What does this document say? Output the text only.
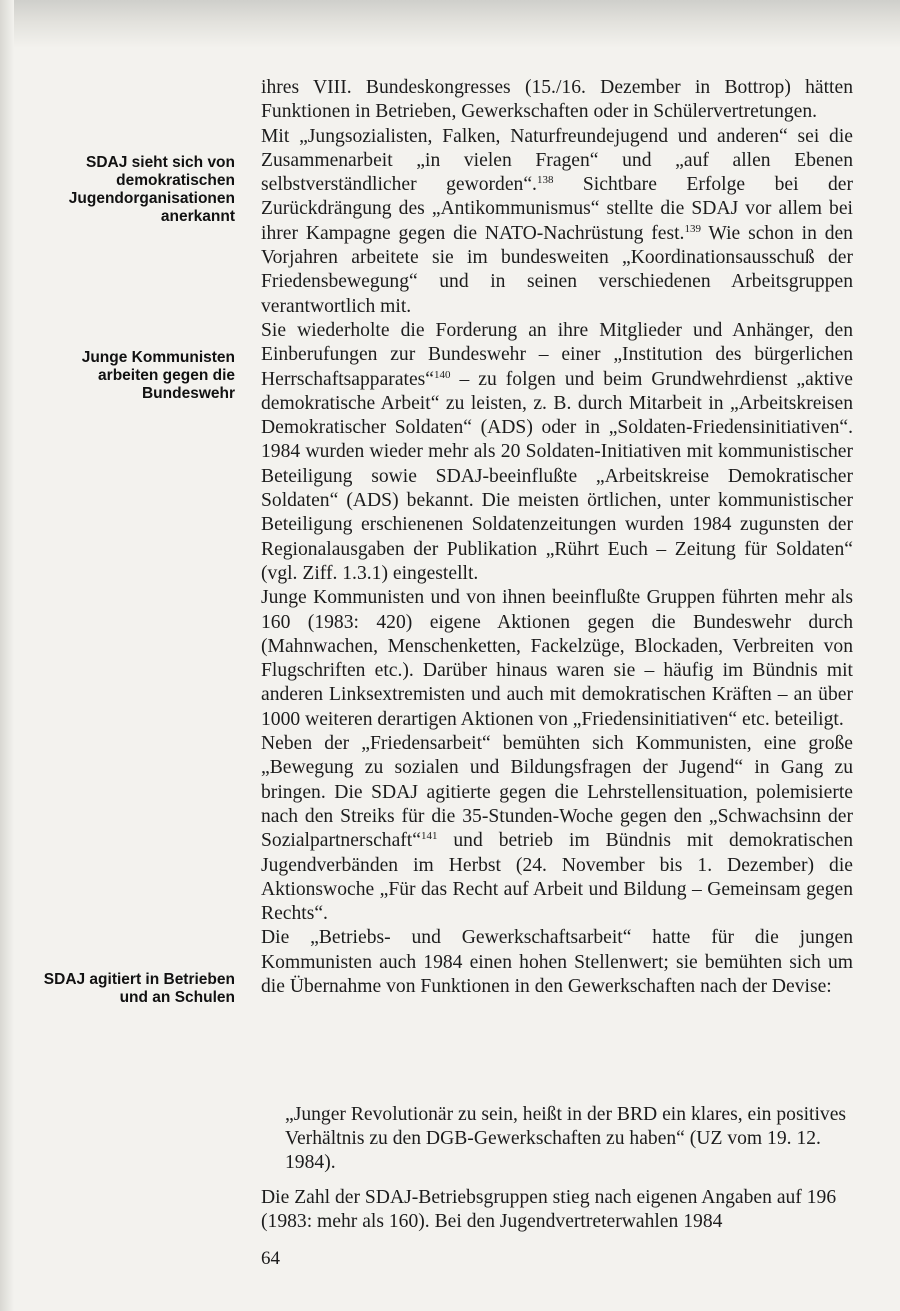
SDAJ sieht sich von demokratischen Jugendorganisationen anerkannt
Junge Kommunisten arbeiten gegen die Bundeswehr
SDAJ agitiert in Betrieben und an Schulen

ihres VIII. Bundeskongresses (15./16. Dezember in Bottrop) hätten Funktionen in Betrieben, Gewerkschaften oder in Schülervertretungen.

Mit „Jungsozialisten, Falken, Naturfreundejugend und anderen“ sei die Zusammenarbeit „in vielen Fragen“ und „auf allen Ebenen selbstverständlicher geworden“.$^{138}$ Sichtbare Erfolge bei der Zurückdrängung des „Antikommunismus“ stellte die SDAJ vor allem bei ihrer Kampagne gegen die NATO-Nachrüstung fest.$^{139}$ Wie schon in den Vorjahren arbeitete sie im bundesweiten „Koordinationsausschuß der Friedensbewegung“ und in seinen verschiedenen Arbeitsgruppen verantwortlich mit.

Sie wiederholte die Forderung an ihre Mitglieder und Anhänger, den Einberufungen zur Bundeswehr – einer „Institution des bürgerlichen Herrschaftsapparates“$^{140}$ – zu folgen und beim Grundwehrdienst „aktive demokratische Arbeit“ zu leisten, z. B. durch Mitarbeit in „Arbeitskreisen Demokratischer Soldaten“ (ADS) oder in „Soldaten-Friedensinitiativen“. 1984 wurden wieder mehr als 20 Soldaten-Initiativen mit kommunistischer Beteiligung sowie SDAJ-beeinflußte „Arbeitskreise Demokratischer Soldaten“ (ADS) bekannt. Die meisten örtlichen, unter kommunistischer Beteiligung erschienenen Soldatenzeitungen wurden 1984 zugunsten der Regionalausgaben der Publikation „Rührt Euch – Zeitung für Soldaten“ (vgl. Ziff. 1.3.1) eingestellt.

Junge Kommunisten und von ihnen beeinflußte Gruppen führten mehr als 160 (1983: 420) eigene Aktionen gegen die Bundeswehr durch (Mahnwachen, Menschenketten, Fackelzüge, Blockaden, Verbreiten von Flugschriften etc.). Darüber hinaus waren sie – häufig im Bündnis mit anderen Linksextremisten und auch mit demokratischen Kräften – an über 1000 weiteren derartigen Aktionen von „Friedensinitiativen“ etc. beteiligt.

Neben der „Friedensarbeit“ bemühten sich Kommunisten, eine große „Bewegung zu sozialen und Bildungsfragen der Jugend“ in Gang zu bringen. Die SDAJ agitierte gegen die Lehrstellensituation, polemisierte nach den Streiks für die 35-Stunden-Woche gegen den „Schwachsinn der Sozialpartnerschaft“$^{141}$ und betrieb im Bündnis mit demokratischen Jugendverbänden im Herbst (24. November bis 1. Dezember) die Aktionswoche „Für das Recht auf Arbeit und Bildung – Gemeinsam gegen Rechts“.

Die „Betriebs- und Gewerkschaftsarbeit“ hatte für die jungen Kommunisten auch 1984 einen hohen Stellenwert; sie bemühten sich um die Übernahme von Funktionen in den Gewerkschaften nach der Devise:

„Junger Revolutionär zu sein, heißt in der BRD ein klares, ein positives Verhältnis zu den DGB-Gewerkschaften zu haben“ (UZ vom 19. 12. 1984).
Die Zahl der SDAJ-Betriebsgruppen stieg nach eigenen Angaben auf 196 (1983: mehr als 160). Bei den Jugendvertreterwahlen 1984
64
